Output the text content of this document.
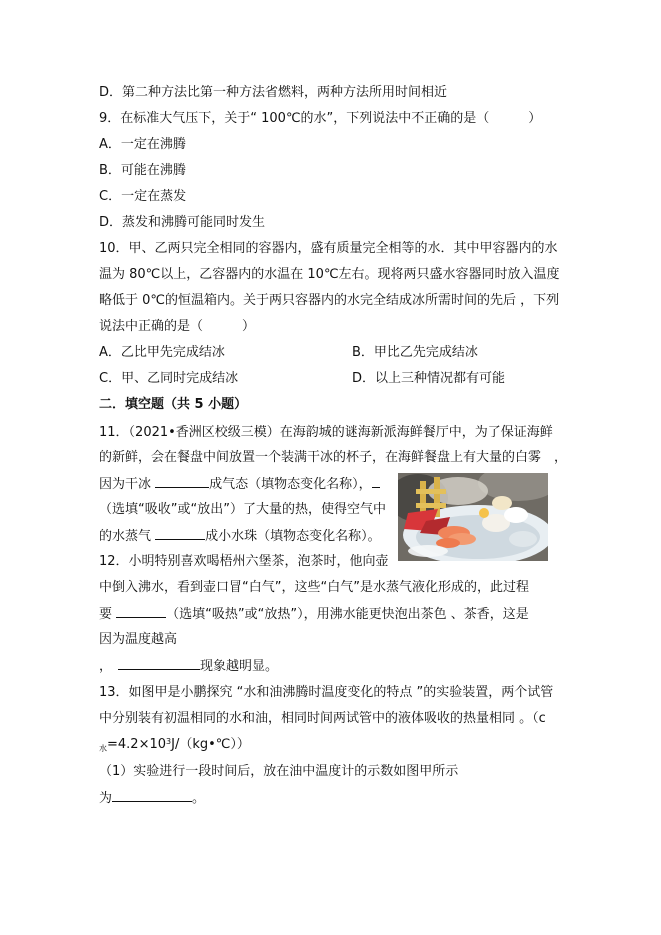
D．第二种方法比第一种方法省燃料，两种方法所用时间相近
9．在标准大气压下，关于“ 100℃的水”，下列说法中不正确的是（　　　）
A．一定在沸腾
B．可能在沸腾
C．一定在蒸发
D．蒸发和沸腾可能同时发生
10．甲、乙两只完全相同的容器内，盛有质量完全相等的水．其中甲容器内的水
温为 80℃以上，乙容器内的水温在 10℃左右。现将两只盛水容器同时放入温度
略低于 0℃的恒温箱内。关于两只容器内的水完全结成冰所需时间的先后 ，下列
说法中正确的是（　　　）
A．乙比甲先完成结冰	B．甲比乙先完成结冰
C．甲、乙同时完成结冰	D．以上三种情况都有可能
二．填空题（共 5 小题）
11．（2021•香洲区校级三模）在海韵城的谜海新派海鲜餐厅中，为了保证海鲜
的新鲜，会在餐盘中间放置一个装满干冰的杯子，在海鲜餐盘上有大量的白雾　，
因为干冰	成气态（填物态变化名称），
（选填“吸收”或“放出”）了大量的热，使得空气中
的水蒸气	成小水珠（填物态变化名称）。
12．小明特别喜欢喝梧州六堡茶，泡茶时，他向壶
中倒入沸水，看到壶口冒“白气”，这些“白气”是水蒸气液化形成的，此过程
要	（选填“吸热”或“放热”），用沸水能更快泡出茶色 、茶香，这是
因为温度越高
，	现象越明显。
13．如图甲是小鹏探究 “水和油沸腾时温度变化的特点 ”的实验装置，两个试管
中分别装有初温相同的水和油，相同时间两试管中的液体吸收的热量相同 。（c
$_水=4.2\times 10^3J/(kg•℃)$）
（1）实验进行一段时间后，放在油中温度计的示数如图甲所示
为	。
